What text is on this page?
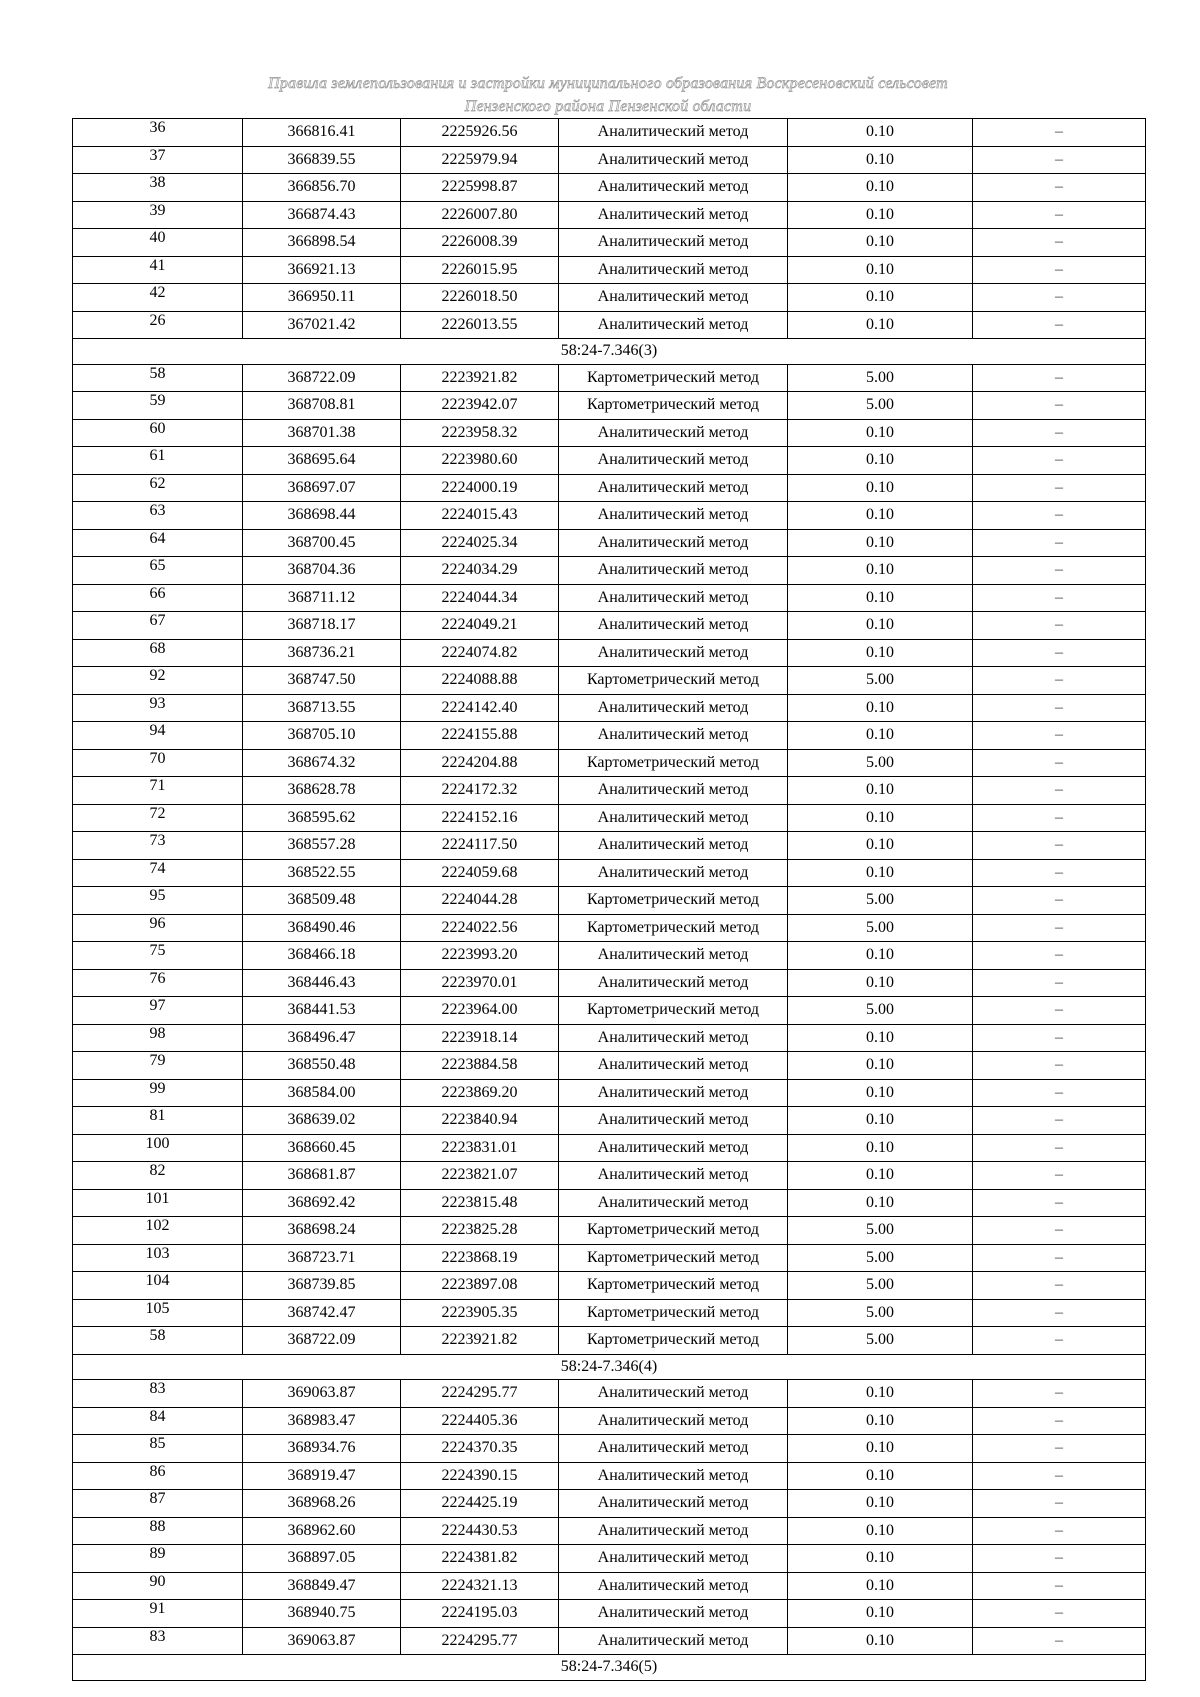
Правила землепользования и застройки муниципального образования Воскресеновский сельсовет
Пензенского района Пензенской области
36	366816.41	2225926.56	Аналитический метод	0.10	–
37	366839.55	2225979.94	Аналитический метод	0.10	–
38	366856.70	2225998.87	Аналитический метод	0.10	–
39	366874.43	2226007.80	Аналитический метод	0.10	–
40	366898.54	2226008.39	Аналитический метод	0.10	–
41	366921.13	2226015.95	Аналитический метод	0.10	–
42	366950.11	2226018.50	Аналитический метод	0.10	–
26	367021.42	2226013.55	Аналитический метод	0.10	–
58:24-7.346(3)					
58	368722.09	2223921.82	Картометрический метод	5.00	–
59	368708.81	2223942.07	Картометрический метод	5.00	–
60	368701.38	2223958.32	Аналитический метод	0.10	–
61	368695.64	2223980.60	Аналитический метод	0.10	–
62	368697.07	2224000.19	Аналитический метод	0.10	–
63	368698.44	2224015.43	Аналитический метод	0.10	–
64	368700.45	2224025.34	Аналитический метод	0.10	–
65	368704.36	2224034.29	Аналитический метод	0.10	–
66	368711.12	2224044.34	Аналитический метод	0.10	–
67	368718.17	2224049.21	Аналитический метод	0.10	–
68	368736.21	2224074.82	Аналитический метод	0.10	–
92	368747.50	2224088.88	Картометрический метод	5.00	–
93	368713.55	2224142.40	Аналитический метод	0.10	–
94	368705.10	2224155.88	Аналитический метод	0.10	–
70	368674.32	2224204.88	Картометрический метод	5.00	–
71	368628.78	2224172.32	Аналитический метод	0.10	–
72	368595.62	2224152.16	Аналитический метод	0.10	–
73	368557.28	2224117.50	Аналитический метод	0.10	–
74	368522.55	2224059.68	Аналитический метод	0.10	–
95	368509.48	2224044.28	Картометрический метод	5.00	–
96	368490.46	2224022.56	Картометрический метод	5.00	–
75	368466.18	2223993.20	Аналитический метод	0.10	–
76	368446.43	2223970.01	Аналитический метод	0.10	–
97	368441.53	2223964.00	Картометрический метод	5.00	–
98	368496.47	2223918.14	Аналитический метод	0.10	–
79	368550.48	2223884.58	Аналитический метод	0.10	–
99	368584.00	2223869.20	Аналитический метод	0.10	–
81	368639.02	2223840.94	Аналитический метод	0.10	–
100	368660.45	2223831.01	Аналитический метод	0.10	–
82	368681.87	2223821.07	Аналитический метод	0.10	–
101	368692.42	2223815.48	Аналитический метод	0.10	–
102	368698.24	2223825.28	Картометрический метод	5.00	–
103	368723.71	2223868.19	Картометрический метод	5.00	–
104	368739.85	2223897.08	Картометрический метод	5.00	–
105	368742.47	2223905.35	Картометрический метод	5.00	–
58	368722.09	2223921.82	Картометрический метод	5.00	–
58:24-7.346(4)					
83	369063.87	2224295.77	Аналитический метод	0.10	–
84	368983.47	2224405.36	Аналитический метод	0.10	–
85	368934.76	2224370.35	Аналитический метод	0.10	–
86	368919.47	2224390.15	Аналитический метод	0.10	–
87	368968.26	2224425.19	Аналитический метод	0.10	–
88	368962.60	2224430.53	Аналитический метод	0.10	–
89	368897.05	2224381.82	Аналитический метод	0.10	–
90	368849.47	2224321.13	Аналитический метод	0.10	–
91	368940.75	2224195.03	Аналитический метод	0.10	–
83	369063.87	2224295.77	Аналитический метод	0.10	–
58:24-7.346(5)					
